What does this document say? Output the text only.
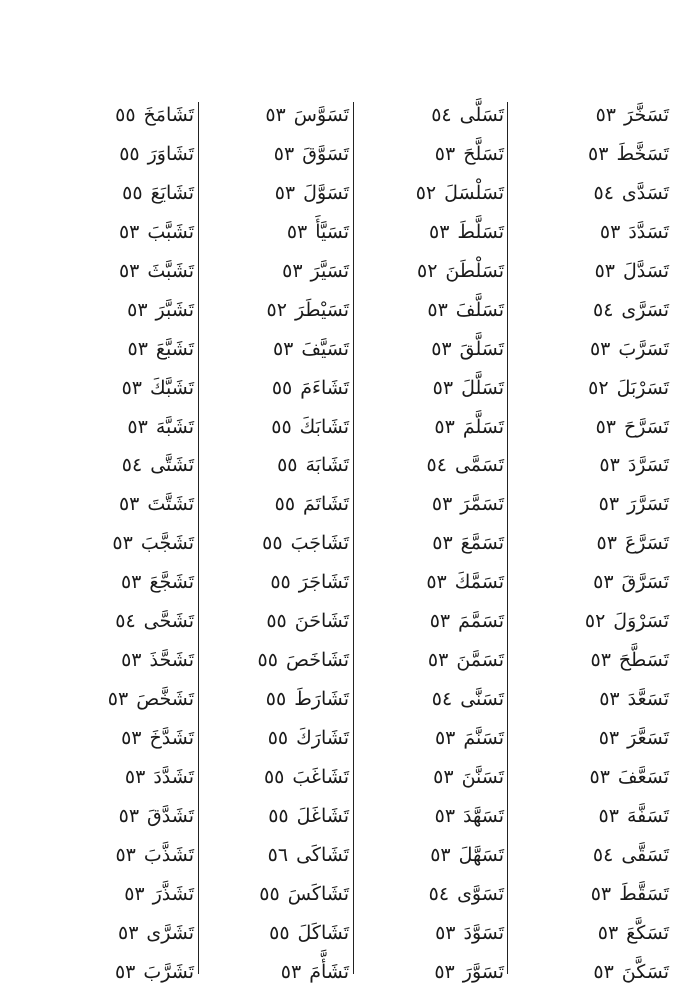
تَسَخَّرَ٥٣
تَسَخَّطَ٥٣
تَسَدَّى٥٤
تَسَدَّدَ٥٣
تَسَدَّلَ٥٣
تَسَرَّى٥٤
تَسَرَّبَ٥٣
تَسَرْبَلَ٥٢
تَسَرَّحَ٥٣
تَسَرَّدَ٥٣
تَسَرَّرَ٥٣
تَسَرَّعَ٥٣
تَسَرَّقَ٥٣
تَسَرْوَلَ٥٢
تَسَطَّحَ٥٣
تَسَعَّدَ٥٣
تَسَعَّرَ٥٣
تَسَعَّفَ٥٣
تَسَفَّهَ٥٣
تَسَقَّى٥٤
تَسَقَّطَ٥٣
تَسَكَّعَ٥٣
تَسَكَّنَ٥٣
تَسَلَّى٥٤
تَسَلَّحَ٥٣
تَسَلْسَلَ٥٢
تَسَلَّطَ٥٣
تَسَلْطَنَ٥٢
تَسَلَّفَ٥٣
تَسَلَّقَ٥٣
تَسَلَّلَ٥٣
تَسَلَّمَ٥٣
تَسَمَّى٥٤
تَسَمَّرَ٥٣
تَسَمَّعَ٥٣
تَسَمَّكَ٥٣
تَسَمَّمَ٥٣
تَسَمَّنَ٥٣
تَسَنَّى٥٤
تَسَنَّمَ٥٣
تَسَنَّنَ٥٣
تَسَهَّدَ٥٣
تَسَهَّلَ٥٣
تَسَوَّى٥٤
تَسَوَّدَ٥٣
تَسَوَّرَ٥٣
تَسَوَّسَ٥٣
تَسَوَّقَ٥٣
تَسَوَّلَ٥٣
تَسَيَّأَ٥٣
تَسَيَّرَ٥٣
تَسَيْطَرَ٥٢
تَسَيَّفَ٥٣
تَشَاءَمَ٥٥
تَشَابَكَ٥٥
تَشَابَهَ٥٥
تَشَاتَمَ٥٥
تَشَاجَبَ٥٥
تَشَاجَرَ٥٥
تَشَاحَنَ٥٥
تَشَاخَصَ٥٥
تَشَارَطَ٥٥
تَشَارَكَ٥٥
تَشَاغَبَ٥٥
تَشَاغَلَ٥٥
تَشَاكَى٥٦
تَشَاكَسَ٥٥
تَشَاكَلَ٥٥
تَشَأَّمَ٥٣
تَشَامَخَ٥٥
تَشَاوَرَ٥٥
تَشَايَعَ٥٥
تَشَبَّبَ٥٣
تَشَبَّثَ٥٣
تَشَبَّرَ٥٣
تَشَبَّعَ٥٣
تَشَبَّكَ٥٣
تَشَبَّهَ٥٣
تَشَتَّى٥٤
تَشَتَّتَ٥٣
تَشَجَّبَ٥٣
تَشَجَّعَ٥٣
تَشَحَّى٥٤
تَشَحَّذَ٥٣
تَشَخَّصَ٥٣
تَشَدَّخَ٥٣
تَشَدَّدَ٥٣
تَشَدَّقَ٥٣
تَشَذَّبَ٥٣
تَشَذَّرَ٥٣
تَشَرَّى٥٣
تَشَرَّبَ٥٣
